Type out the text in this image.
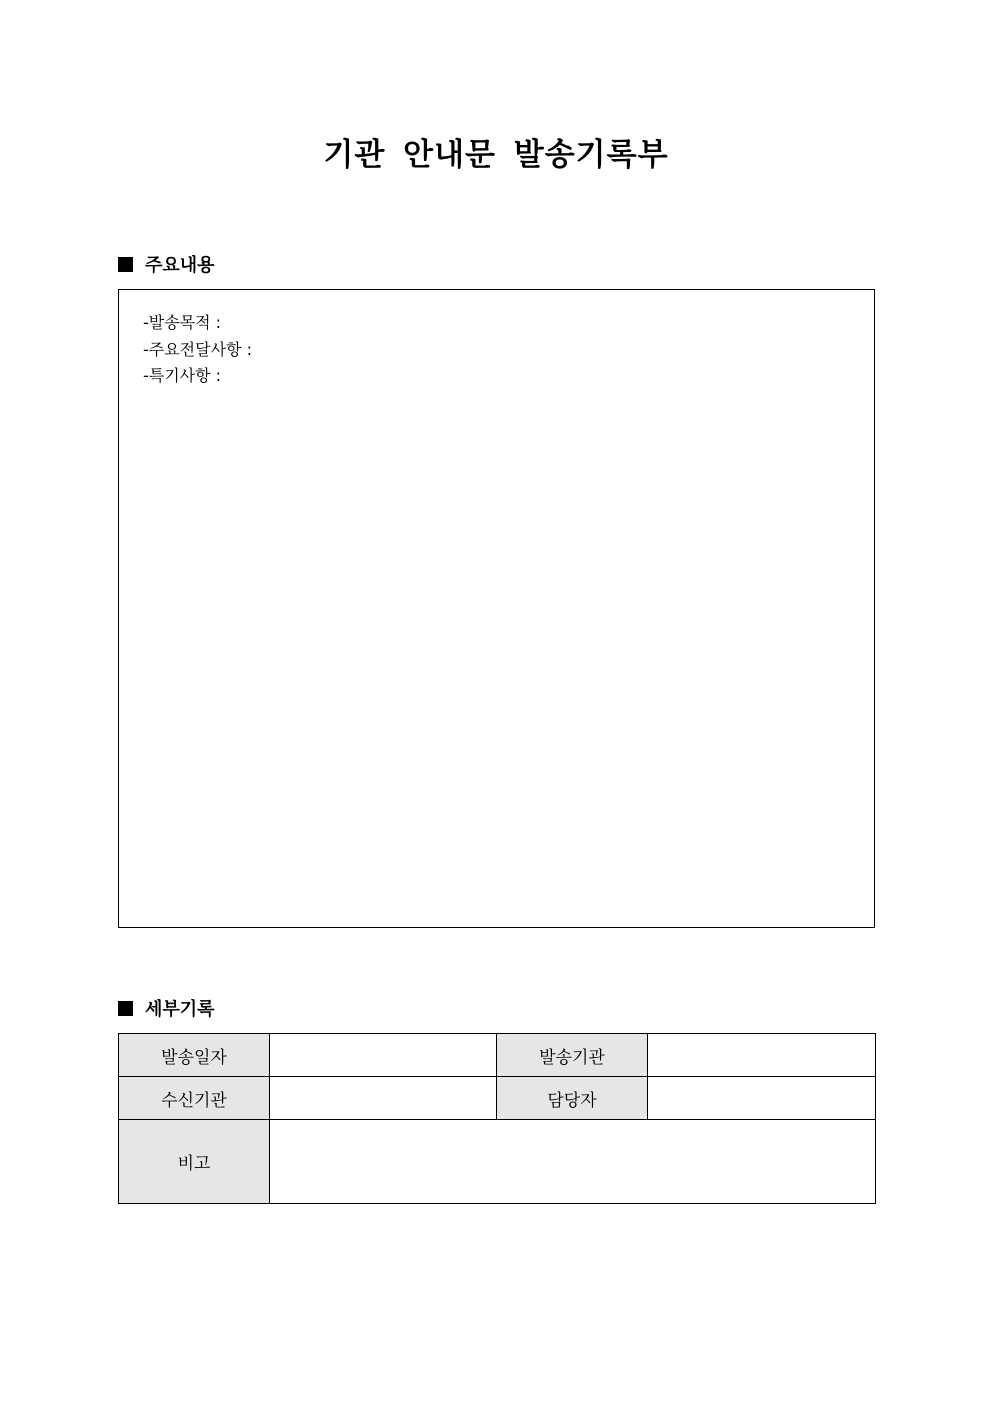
기관 안내문 발송기록부
주요내용
-발송목적 :
-주요전달사항 :
-특기사항 :
세부기록
발송일자		발송기관	
수신기관		담당자	
비고			
